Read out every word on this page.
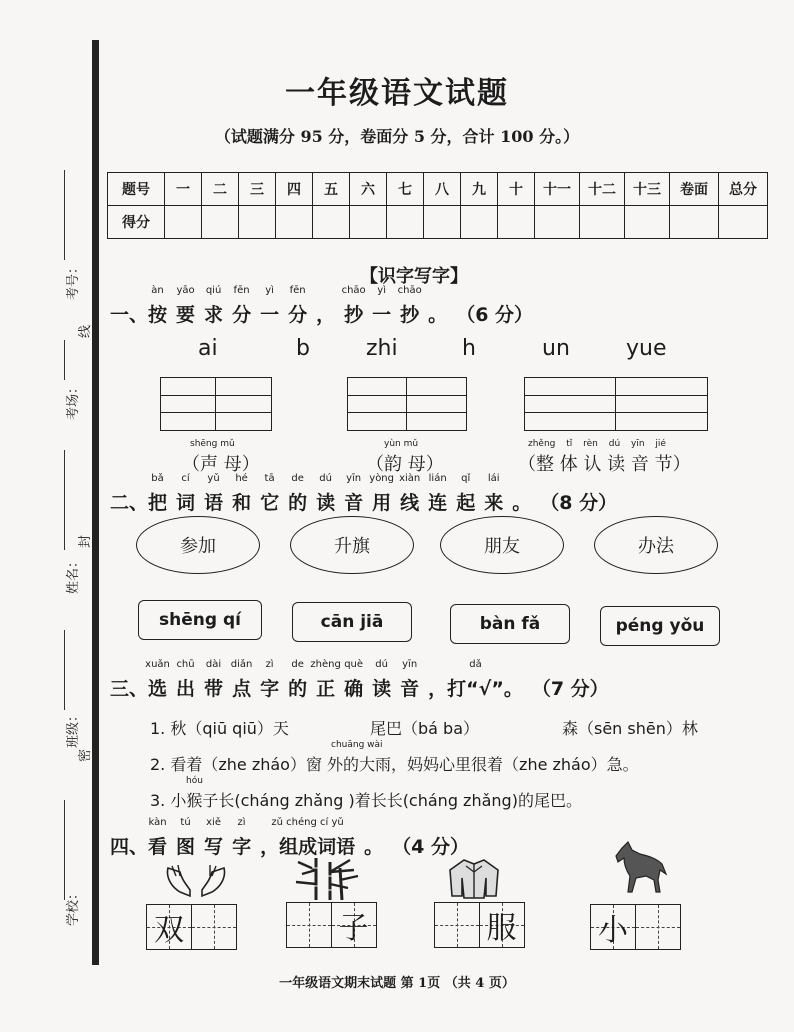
考号：
线
考场：
封
姓名：
班级：
密
学校：
一年级语文试题
（试题满分 95 分，卷面分 5 分，合计 100 分。）
题号	一	二	三	四	五	六	七	八	九	十	十一	十二	十三	卷面	总分
得分															
【识字写字】
一、
àn
按
yāo
要
qiú
求
fēn
分
yì
一
fēn
分 ，
chāo
抄
yì
一
chāo
抄 。 （6 分）
ai	b	zhi	h	un	yue
shēng mǔ
（声 母）
yùn mǔ
（韵 母）
zhěng tǐ rèn dú yīn jié
（整 体 认 读 音 节）
二、
bǎ
把
cí
词
yǔ
语
hé
和
tā
它
de
的
dú
读
yīn
音
yòng
用
xiàn
线
lián
连
qǐ
起
lái
来 。 （8 分）
参加	升旗	朋友	办法
shēng qí	cān jiā	bàn fǎ	péng yǒu
三、
xuǎn
选
chū
出
dài
带
diǎn
点
zì
字
de
的
zhèng
正
què
确
dú
读
yīn
音
dǎ
，打“√”。 （7 分）
1. 秋（qiū qiū）天	尾巴（bá ba）	森（sēn shēn）林
chuāng wài
2. 看着（zhe zháo）窗 外的大雨，妈妈心里很着（zhe zháo）急。
hóu
3. 小猴子长(cháng zhǎng )着长长(cháng zhǎng)的尾巴。
四、
kàn
看
tú
图
xiě
写
zì
字
zǔ chéng cí yǔ
，组成词语 。 （4 分）
双	子	服	小
一年级语文期末试题 第 1页 （共 4 页）
